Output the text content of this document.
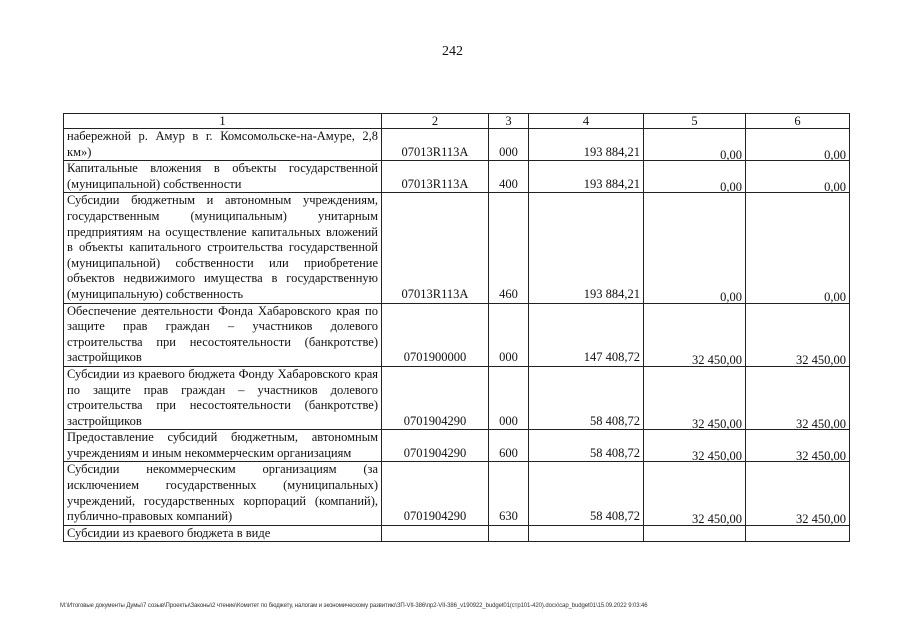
242
1	2	3	4	5	6
набережной р. Амур в г. Комсомольске-на-Амуре, 2,8 км»)	07013R113A	000	193 884,21	0,00	0,00
Капитальные вложения в объекты государственной (муниципальной) собственности	07013R113A	400	193 884,21	0,00	0,00
Субсидии бюджетным и автономным учреждениям, государственным (муниципальным) унитарным предприятиям на осуществление капитальных вложений в объекты капитального строительства государственной (муниципальной) собственности или приобретение объектов недвижимого имущества в государственную (муниципальную) собственность	07013R113A	460	193 884,21	0,00	0,00
Обеспечение деятельности Фонда Хабаровского края по защите прав граждан – участников долевого строительства при несостоятельности (банкротстве) застройщиков	0701900000	000	147 408,72	32 450,00	32 450,00
Субсидии из краевого бюджета Фонду Хабаровского края по защите прав граждан – участников долевого строительства при несостоятельности (банкротстве) застройщиков	0701904290	000	58 408,72	32 450,00	32 450,00
Предоставление субсидий бюджетным, автономным учреждениям и иным некоммерческим организациям	0701904290	600	58 408,72	32 450,00	32 450,00
Субсидии некоммерческим организациям (за исключением государственных (муниципальных) учреждений, государственных корпораций (компаний), публично-правовых компаний)	0701904290	630	58 408,72	32 450,00	32 450,00
Субсидии из краевого бюджета в виде					
M:\Итоговые документы Думы\7 созыв\Проекты\Законы\2 чтение\Комитет по бюджету, налогам и экономическому развитию\ЗП-VII-386\пр2-VII-386_v190922_budget01(стр101-420).docx\сар_budget01\15.09.2022 9:03:46
